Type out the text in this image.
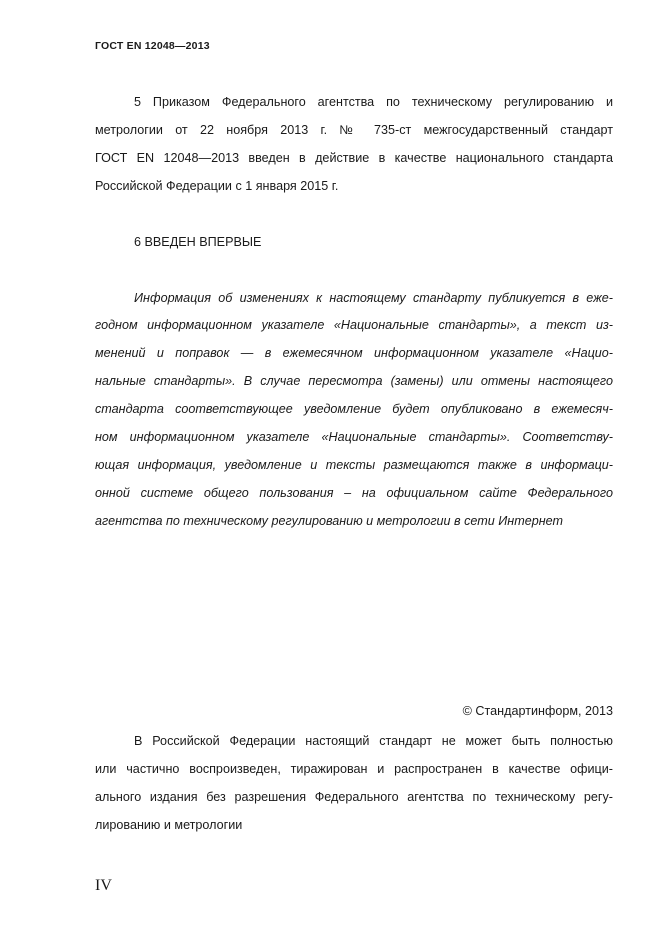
ГОСТ EN 12048—2013
5 Приказом Федерального агентства по техническому регулированию и
метрологии от 22 ноября 2013 г. № 735-ст межгосударственный стандарт
ГОСТ EN 12048—2013 введен в действие в качестве национального стандарта
Российской Федерации с 1 января 2015 г.
6 ВВЕДЕН ВПЕРВЫЕ
Информация об изменениях к настоящему стандарту публикуется в еже-
годном информационном указателе «Национальные стандарты», а текст из-
менений и поправок — в ежемесячном информационном указателе «Нацио-
нальные стандарты». В случае пересмотра (замены) или отмены настоящего
стандарта соответствующее уведомление будет опубликовано в ежемесяч-
ном информационном указателе «Национальные стандарты». Соответству-
ющая информация, уведомление и тексты размещаются также в информаци-
онной системе общего пользования – на официальном сайте Федерального
агентства по техническому регулированию и метрологии в сети Интернет
© Стандартинформ, 2013
В Российской Федерации настоящий стандарт не может быть полностью
или частично воспроизведен, тиражирован и распространен в качестве офици-
ального издания без разрешения Федерального агентства по техническому регу-
лированию и метрологии
IV
